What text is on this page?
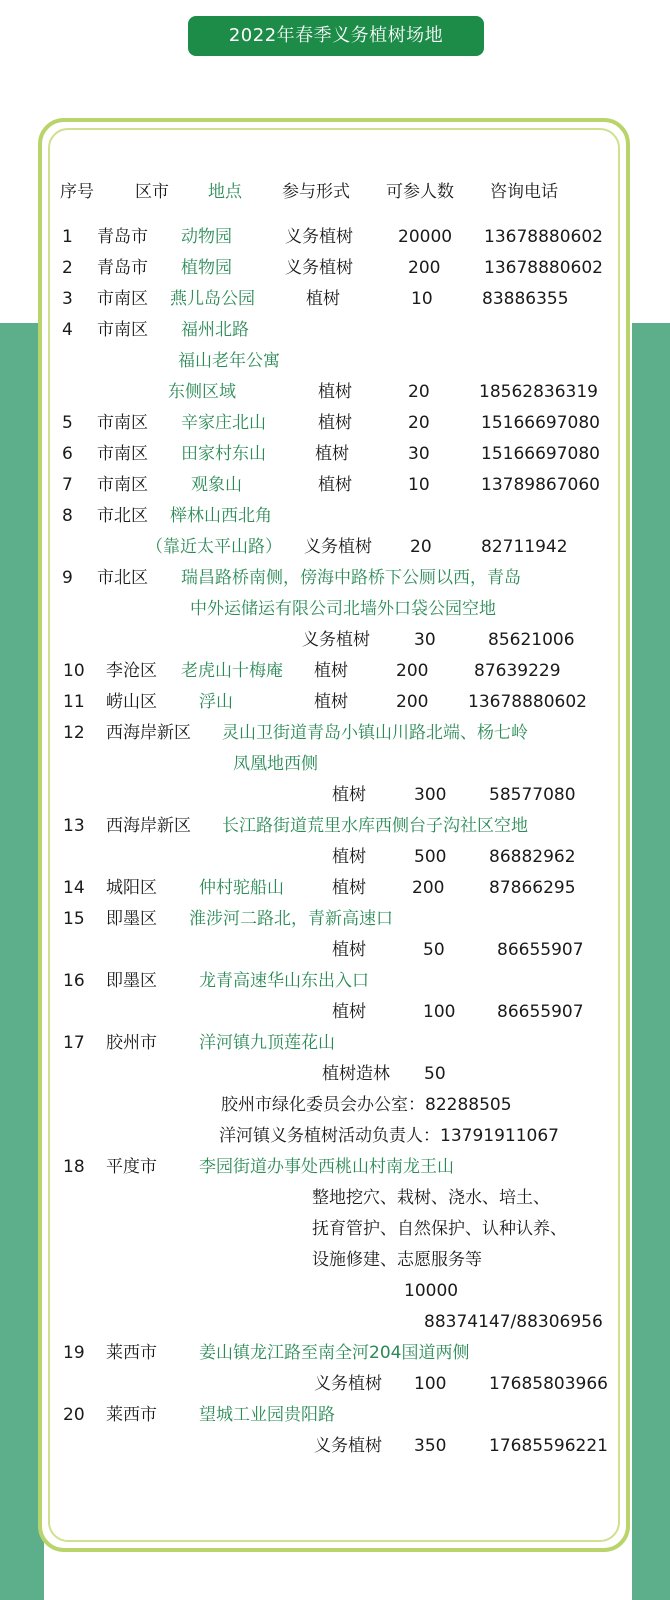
2022年春季义务植树场地
序号 区市 地点 参与形式 可参人数 咨询电话
1 青岛市 动物园	义务植树	20000 13678880602
2 青岛市 植物园	义务植树	200	13678880602
3 市南区 燕儿岛公园	植树	10	83886355
4 市南区 福州北路
福山老年公寓
东侧区域	植树	20	18562836319
5 市南区 辛家庄北山	植树	20	15166697080
6 市南区 田家村东山	植树	30	15166697080
7 市南区	观象山	植树	10	13789867060
8 市北区 榉林山西北角
（靠近太平山路） 义务植树 20	82711942
9 市北区 瑞昌路桥南侧，傍海中路桥下公厕以西，青岛
中外运储运有限公司北墙外口袋公园空地
义务植树	30	85621006
10 李沧区 老虎山十梅庵 植树	200	87639229
11 崂山区 浮山	植树	200 13678880602
12 西海岸新区 灵山卫街道青岛小镇山川路北端、杨七岭
凤凰地西侧
植树	300	58577080
13 西海岸新区 长江路街道荒里水库西侧台子沟社区空地
植树	500	86882962
14 城阳区 仲村驼船山	植树	200	87866295
15 即墨区 淮涉河二路北，青新高速口
植树	50	86655907
16 即墨区 龙青高速华山东出入口
植树	100 86655907
17 胶州市 洋河镇九顶莲花山
植树造林 50
胶州市绿化委员会办公室：82288505
洋河镇义务植树活动负责人：13791911067
18 平度市 李园街道办事处西桃山村南龙王山
整地挖穴、栽树、浇水、培土、
抚育管护、自然保护、认种认养、
设施修建、志愿服务等
10000
88374147/88306956
19 莱西市 姜山镇龙江路至南全河204国道两侧
义务植树 100	17685803966
20 莱西市 望城工业园贵阳路
义务植树 350	17685596221
